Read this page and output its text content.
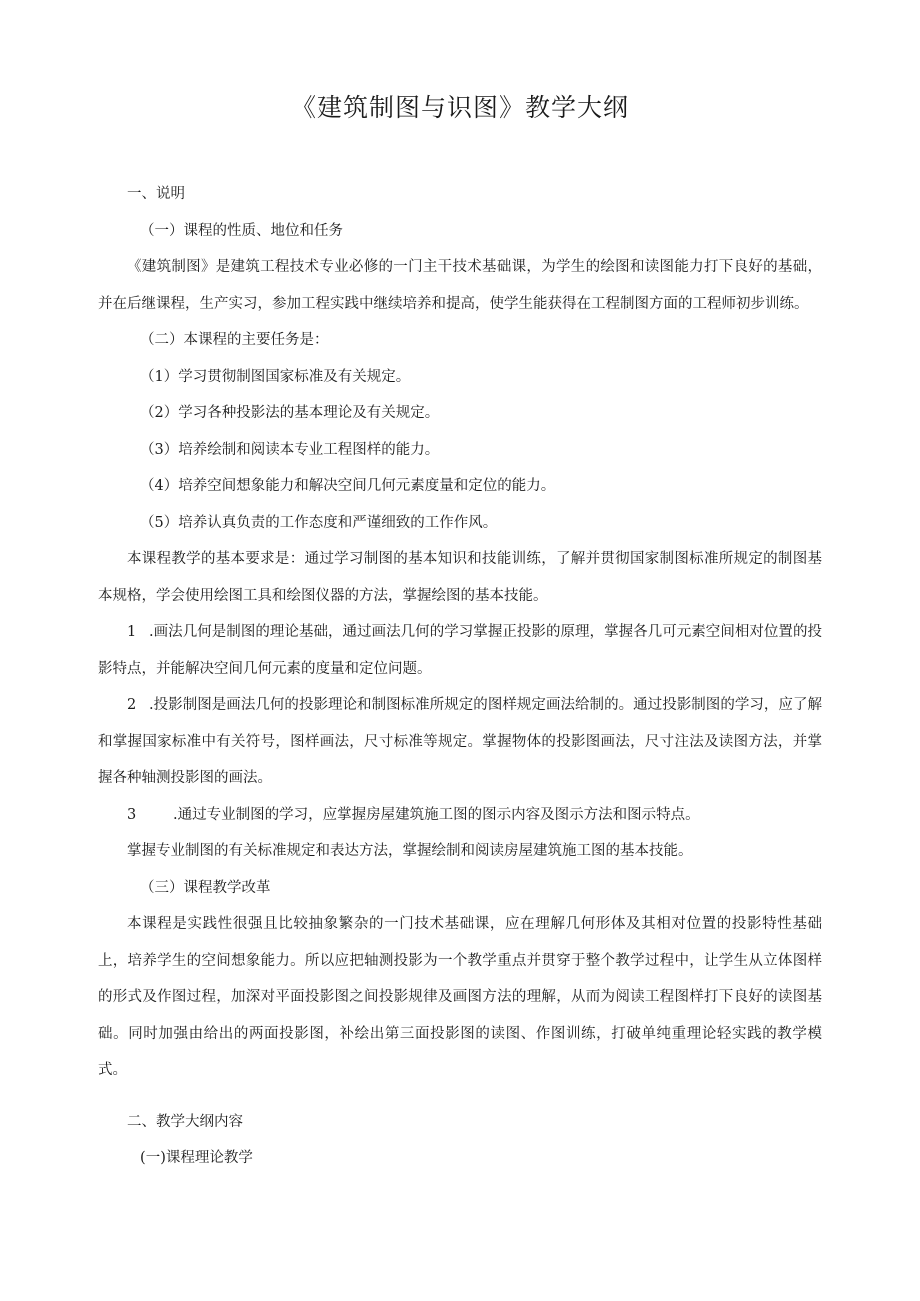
《建筑制图与识图》教学大纲

一、说明

（一）课程的性质、地位和任务

《建筑制图》是建筑工程技术专业必修的一门主干技术基础课，为学生的绘图和读图能力打下良好的基础，并在后继课程，生产实习，参加工程实践中继续培养和提高，使学生能获得在工程制图方面的工程师初步训练。

（二）本课程的主要任务是：

（1）学习贯彻制图国家标准及有关规定。

（2）学习各种投影法的基本理论及有关规定。

（3）培养绘制和阅读本专业工程图样的能力。

（4）培养空间想象能力和解决空间几何元素度量和定位的能力。

（5）培养认真负责的工作态度和严谨细致的工作作风。

本课程教学的基本要求是：通过学习制图的基本知识和技能训练，了解并贯彻国家制图标准所规定的制图基本规格，学会使用绘图工具和绘图仪器的方法，掌握绘图的基本技能。

1 .画法几何是制图的理论基础，通过画法几何的学习掌握正投影的原理，掌握各几可元素空间相对位置的投影特点，并能解决空间几何元素的度量和定位问题。

2 .投影制图是画法几何的投影理论和制图标准所规定的图样规定画法给制的。通过投影制图的学习，应了解和掌握国家标准中有关符号，图样画法，尺寸标准等规定。掌握物体的投影图画法，尺寸注法及读图方法，并掌握各种轴测投影图的画法。

3	.通过专业制图的学习，应掌握房屋建筑施工图的图示内容及图示方法和图示特点。

掌握专业制图的有关标准规定和表达方法，掌握绘制和阅读房屋建筑施工图的基本技能。

（三）课程教学改革

本课程是实践性很强且比较抽象繁杂的一门技术基础课，应在理解几何形体及其相对位置的投影特性基础上，培养学生的空间想象能力。所以应把轴测投影为一个教学重点并贯穿于整个教学过程中，让学生从立体图样的形式及作图过程，加深对平面投影图之间投影规律及画图方法的理解，从而为阅读工程图样打下良好的读图基础。同时加强由给出的两面投影图，补绘出第三面投影图的读图、作图训练，打破单纯重理论轻实践的教学模式。

二、教学大纲内容

(一)课程理论教学
